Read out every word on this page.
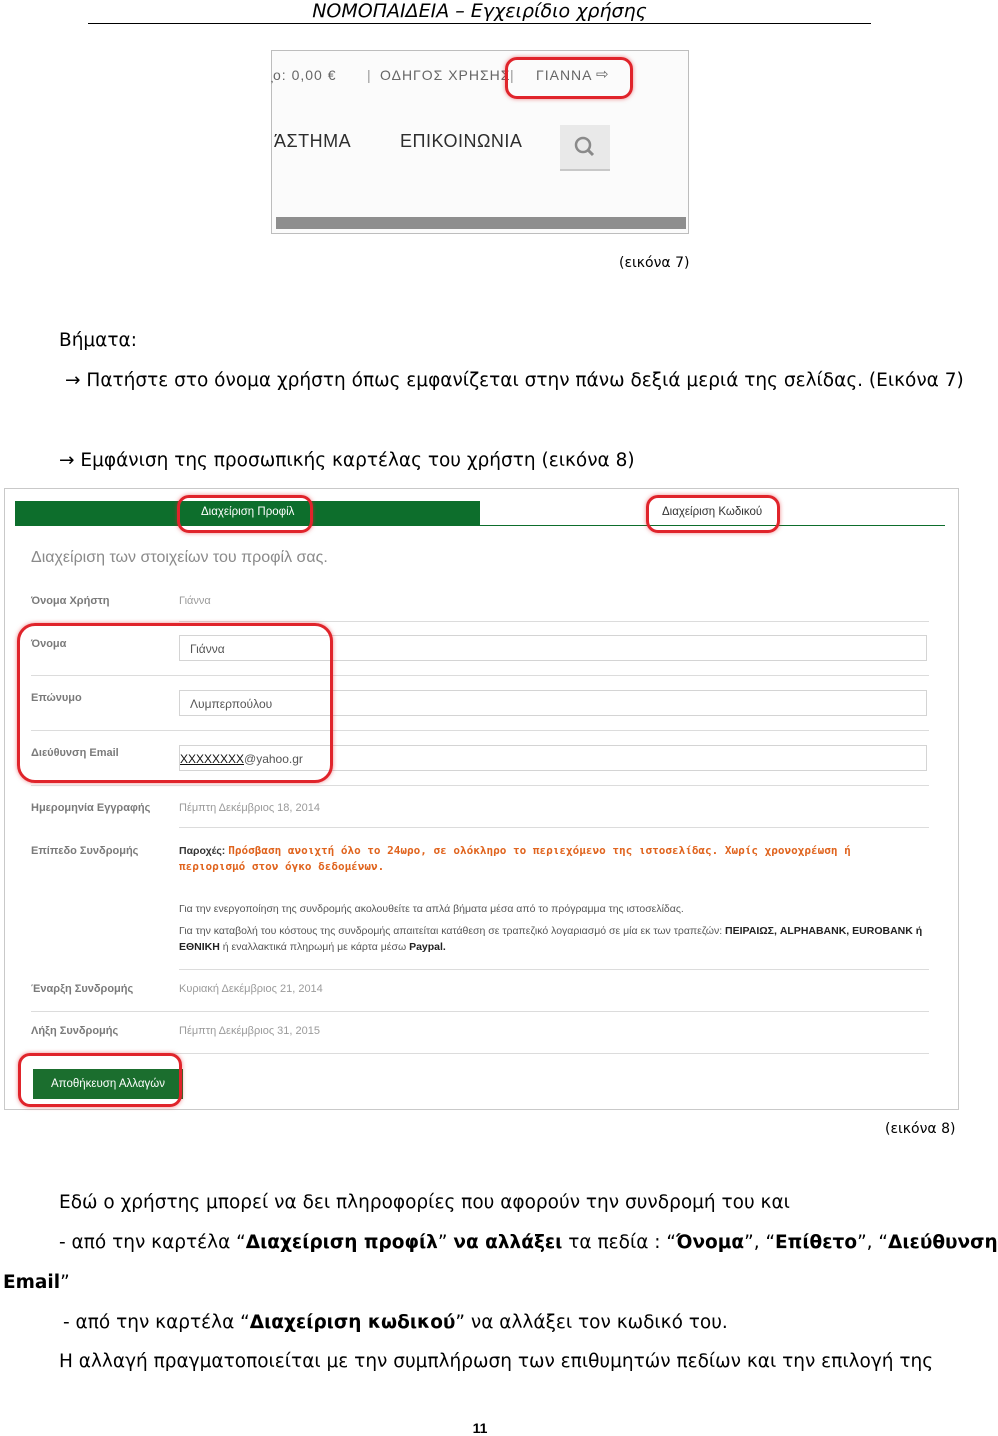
ΝΟΜΟΠΑΙΔΕΙΑ – Εγχειρίδιο χρήσης
̦ο: 0,00 € | ΟΔΗΓΟΣ ΧΡΗΣΗΣ | ΓΙΑΝΝΑ ⇨
ΆΣΤΗΜΑ	ΕΠΙΚΟΙΝΩΝΙΑ
(εικόνα 7)
Βήματα:
→ Πατήστε στο όνομα χρήστη όπως εμφανίζεται στην πάνω δεξιά μεριά της σελίδας. (Εικόνα 7)
→ Εμφάνιση της προσωπικής καρτέλας του χρήστη (εικόνα 8)
Διαχείριση Προφίλ	Διαχείριση Κωδικού
Διαχείριση των στοιχείων του προφίλ σας.
Όνομα Χρήστη	Γιάννα
Όνομα	Γιάννα
Επώνυμο	Λυμπερπούλου
Διεύθυνση Email	XXXXXXXX@yahoo.gr
Ημερομηνία Εγγραφής	Πέμπτη Δεκέμβριος 18, 2014
Επίπεδο Συνδρομής	Παροχές: Πρόσβαση ανοιχτή όλο το 24ωρο, σε ολόκληρο το περιεχόμενο της ιστοσελίδας. Χωρίς χρονοχρέωση ή
περιορισμό στον όγκο δεδομένων.
Για την ενεργοποίηση της συνδρομής ακολουθείτε τα απλά βήματα μέσα από το πρόγραμμα της ιστοσελίδας.
Για την καταβολή του κόστους της συνδρομής απαιτείται κατάθεση σε τραπεζικό λογαριασμό σε μία εκ των τραπεζών: ΠΕΙΡΑΙΩΣ, ALPHABANK, EUROBANK ή
ΕΘΝΙΚΗ ή εναλλακτικά πληρωμή με κάρτα μέσω Paypal.
Έναρξη Συνδρομής	Κυριακή Δεκέμβριος 21, 2014
Λήξη Συνδρομής	Πέμπτη Δεκέμβριος 31, 2015
Αποθήκευση Αλλαγών
(εικόνα 8)
Εδώ ο χρήστης μπορεί να δει πληροφορίες που αφορούν την συνδρομή του και
- από την καρτέλα “Διαχείριση προφίλ” να αλλάξει τα πεδία : “Όνομα”, “Επίθετο”, “Διεύθυνση
Email”
- από την καρτέλα “Διαχείριση κωδικού” να αλλάξει τον κωδικό του.
Η αλλαγή πραγματοποιείται με την συμπλήρωση των επιθυμητών πεδίων και την επιλογή της
11
